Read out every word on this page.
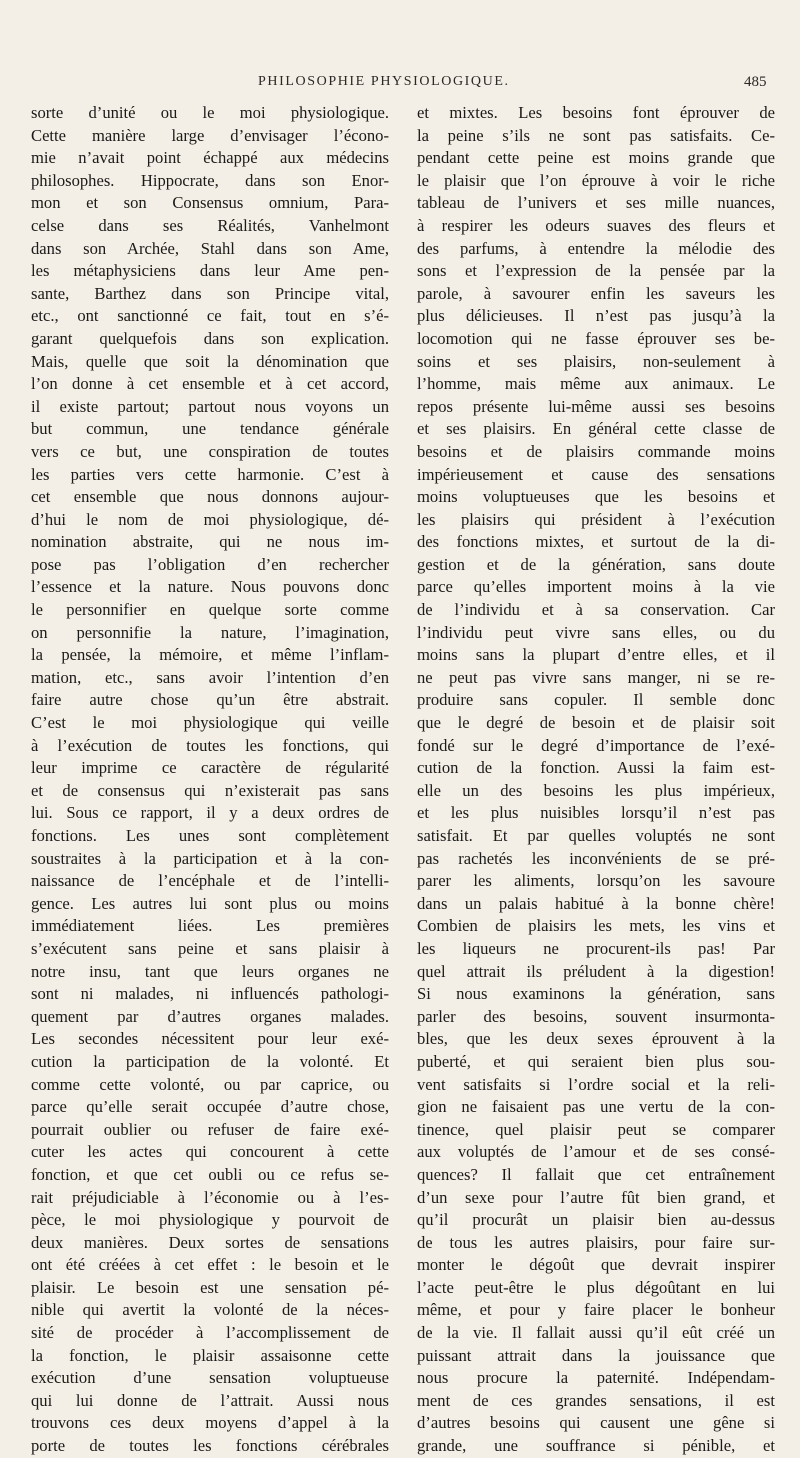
PHILOSOPHIE PHYSIOLOGIQUE.	485
sorte d’unité ou le moi physiologique.
Cette manière large d’envisager l’écono-
mie n’avait point échappé aux médecins
philosophes. Hippocrate, dans son Enor-
mon et son Consensus omnium, Para-
celse dans ses Réalités, Vanhelmont
dans son Archée, Stahl dans son Ame,
les métaphysiciens dans leur Ame pen-
sante, Barthez dans son Principe vital,
etc., ont sanctionné ce fait, tout en s’é-
garant quelquefois dans son explication.
Mais, quelle que soit la dénomination que
l’on donne à cet ensemble et à cet accord,
il existe partout; partout nous voyons un
but commun, une tendance générale
vers ce but, une conspiration de toutes
les parties vers cette harmonie. C’est à
cet ensemble que nous donnons aujour-
d’hui le nom de moi physiologique, dé-
nomination abstraite, qui ne nous im-
pose pas l’obligation d’en rechercher
l’essence et la nature. Nous pouvons donc
le personnifier en quelque sorte comme
on personnifie la nature, l’imagination,
la pensée, la mémoire, et même l’inflam-
mation, etc., sans avoir l’intention d’en
faire autre chose qu’un être abstrait.
C’est le moi physiologique qui veille
à l’exécution de toutes les fonctions, qui
leur imprime ce caractère de régularité
et de consensus qui n’existerait pas sans
lui. Sous ce rapport, il y a deux ordres de
fonctions. Les unes sont complètement
soustraites à la participation et à la con-
naissance de l’encéphale et de l’intelli-
gence. Les autres lui sont plus ou moins
immédiatement liées. Les premières
s’exécutent sans peine et sans plaisir à
notre insu, tant que leurs organes ne
sont ni malades, ni influencés pathologi-
quement par d’autres organes malades.
Les secondes nécessitent pour leur exé-
cution la participation de la volonté. Et
comme cette volonté, ou par caprice, ou
parce qu’elle serait occupée d’autre chose,
pourrait oublier ou refuser de faire exé-
cuter les actes qui concourent à cette
fonction, et que cet oubli ou ce refus se-
rait préjudiciable à l’économie ou à l’es-
pèce, le moi physiologique y pourvoit de
deux manières. Deux sortes de sensations
ont été créées à cet effet : le besoin et le
plaisir. Le besoin est une sensation pé-
nible qui avertit la volonté de la néces-
sité de procéder à l’accomplissement de
la fonction, le plaisir assaisonne cette
exécution d’une sensation voluptueuse
qui lui donne de l’attrait. Aussi nous
trouvons ces deux moyens d’appel à la
porte de toutes les fonctions cérébrales
et mixtes. Les besoins font éprouver de
la peine s’ils ne sont pas satisfaits. Ce-
pendant cette peine est moins grande que
le plaisir que l’on éprouve à voir le riche
tableau de l’univers et ses mille nuances,
à respirer les odeurs suaves des fleurs et
des parfums, à entendre la mélodie des
sons et l’expression de la pensée par la
parole, à savourer enfin les saveurs les
plus délicieuses. Il n’est pas jusqu’à la
locomotion qui ne fasse éprouver ses be-
soins et ses plaisirs, non-seulement à
l’homme, mais même aux animaux. Le
repos présente lui-même aussi ses besoins
et ses plaisirs. En général cette classe de
besoins et de plaisirs commande moins
impérieusement et cause des sensations
moins voluptueuses que les besoins et
les plaisirs qui président à l’exécution
des fonctions mixtes, et surtout de la di-
gestion et de la génération, sans doute
parce qu’elles importent moins à la vie
de l’individu et à sa conservation. Car
l’individu peut vivre sans elles, ou du
moins sans la plupart d’entre elles, et il
ne peut pas vivre sans manger, ni se re-
produire sans copuler. Il semble donc
que le degré de besoin et de plaisir soit
fondé sur le degré d’importance de l’exé-
cution de la fonction. Aussi la faim est-
elle un des besoins les plus impérieux,
et les plus nuisibles lorsqu’il n’est pas
satisfait. Et par quelles voluptés ne sont
pas rachetés les inconvénients de se pré-
parer les aliments, lorsqu’on les savoure
dans un palais habitué à la bonne chère!
Combien de plaisirs les mets, les vins et
les liqueurs ne procurent-ils pas! Par
quel attrait ils préludent à la digestion!
Si nous examinons la génération, sans
parler des besoins, souvent insurmonta-
bles, que les deux sexes éprouvent à la
puberté, et qui seraient bien plus sou-
vent satisfaits si l’ordre social et la reli-
gion ne faisaient pas une vertu de la con-
tinence, quel plaisir peut se comparer
aux voluptés de l’amour et de ses consé-
quences? Il fallait que cet entraînement
d’un sexe pour l’autre fût bien grand, et
qu’il procurât un plaisir bien au-dessus
de tous les autres plaisirs, pour faire sur-
monter le dégoût que devrait inspirer
l’acte peut-être le plus dégoûtant en lui
même, et pour y faire placer le bonheur
de la vie. Il fallait aussi qu’il eût créé un
puissant attrait dans la jouissance que
nous procure la paternité. Indépendam-
ment de ces grandes sensations, il est
d’autres besoins qui causent une gêne si
grande, une souffrance si pénible, et
